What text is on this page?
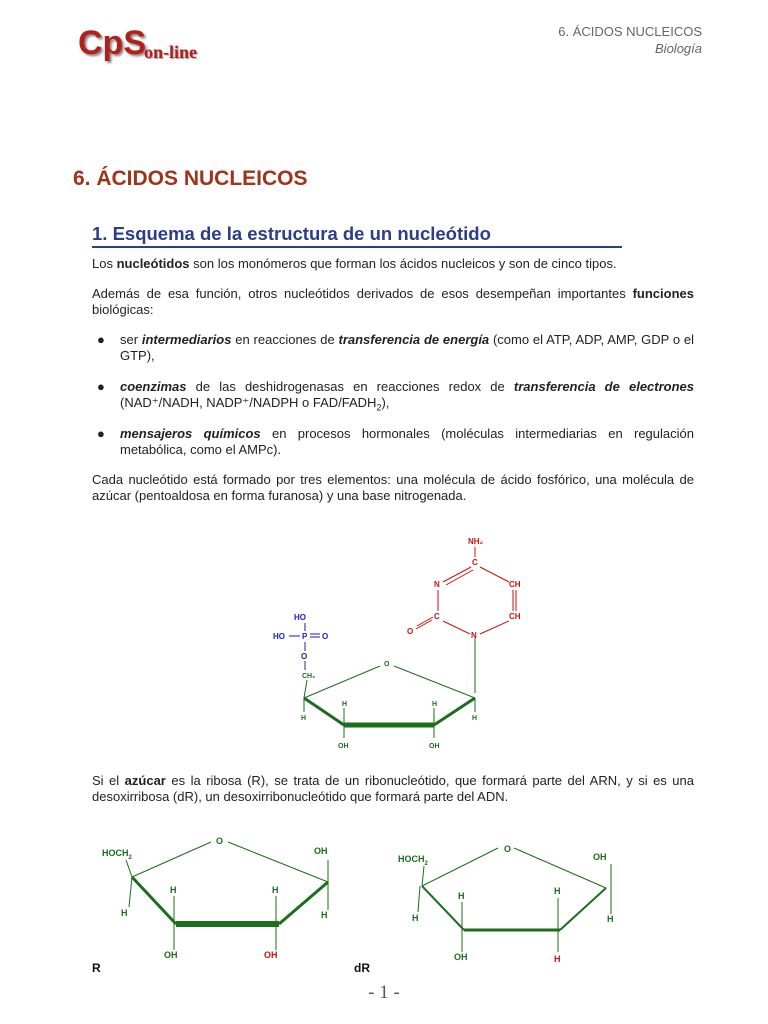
CpSon-line
6. ÁCIDOS NUCLEICOS
Biología
6. ÁCIDOS NUCLEICOS
1. Esquema de la estructura de un nucleótido
Los nucleótidos son los monómeros que forman los ácidos nucleicos y son de cinco tipos.
Además de esa función, otros nucleótidos derivados de esos desempeñan importantes funciones biológicas:
● ser intermediarios en reacciones de transferencia de energía (como el ATP, ADP, AMP, GDP o el GTP),
● coenzimas de las deshidrogenasas en reacciones redox de transferencia de electrones (NAD⁺/NADH, NADP⁺/NADPH o FAD/$FADH_2$),
● mensajeros químicos en procesos hormonales (moléculas intermediarias en regulación metabólica, como el AMPc).
Cada nucleótido está formado por tres elementos: una molécula de ácido fosfórico, una molécula de azúcar (pentoaldosa en forma furanosa) y una base nitrogenada.
HO
HO P O
O
CH₂
O
H
H	H
H
OH	OH
NH₂
C
N	CH
CH
C
N
O
Si el azúcar es la ribosa (R), se trata de un ribonucleótido, que formará parte del ARN, y si es una desoxirribosa (dR), un desoxirribonucleótido que formará parte del ADN.
$HOCH_2$
O
OH
H	H
H	H
OH	OH
$HOCH_2$
O
OH
H	H
H	H
OH	H
R	dR
- 1 -
